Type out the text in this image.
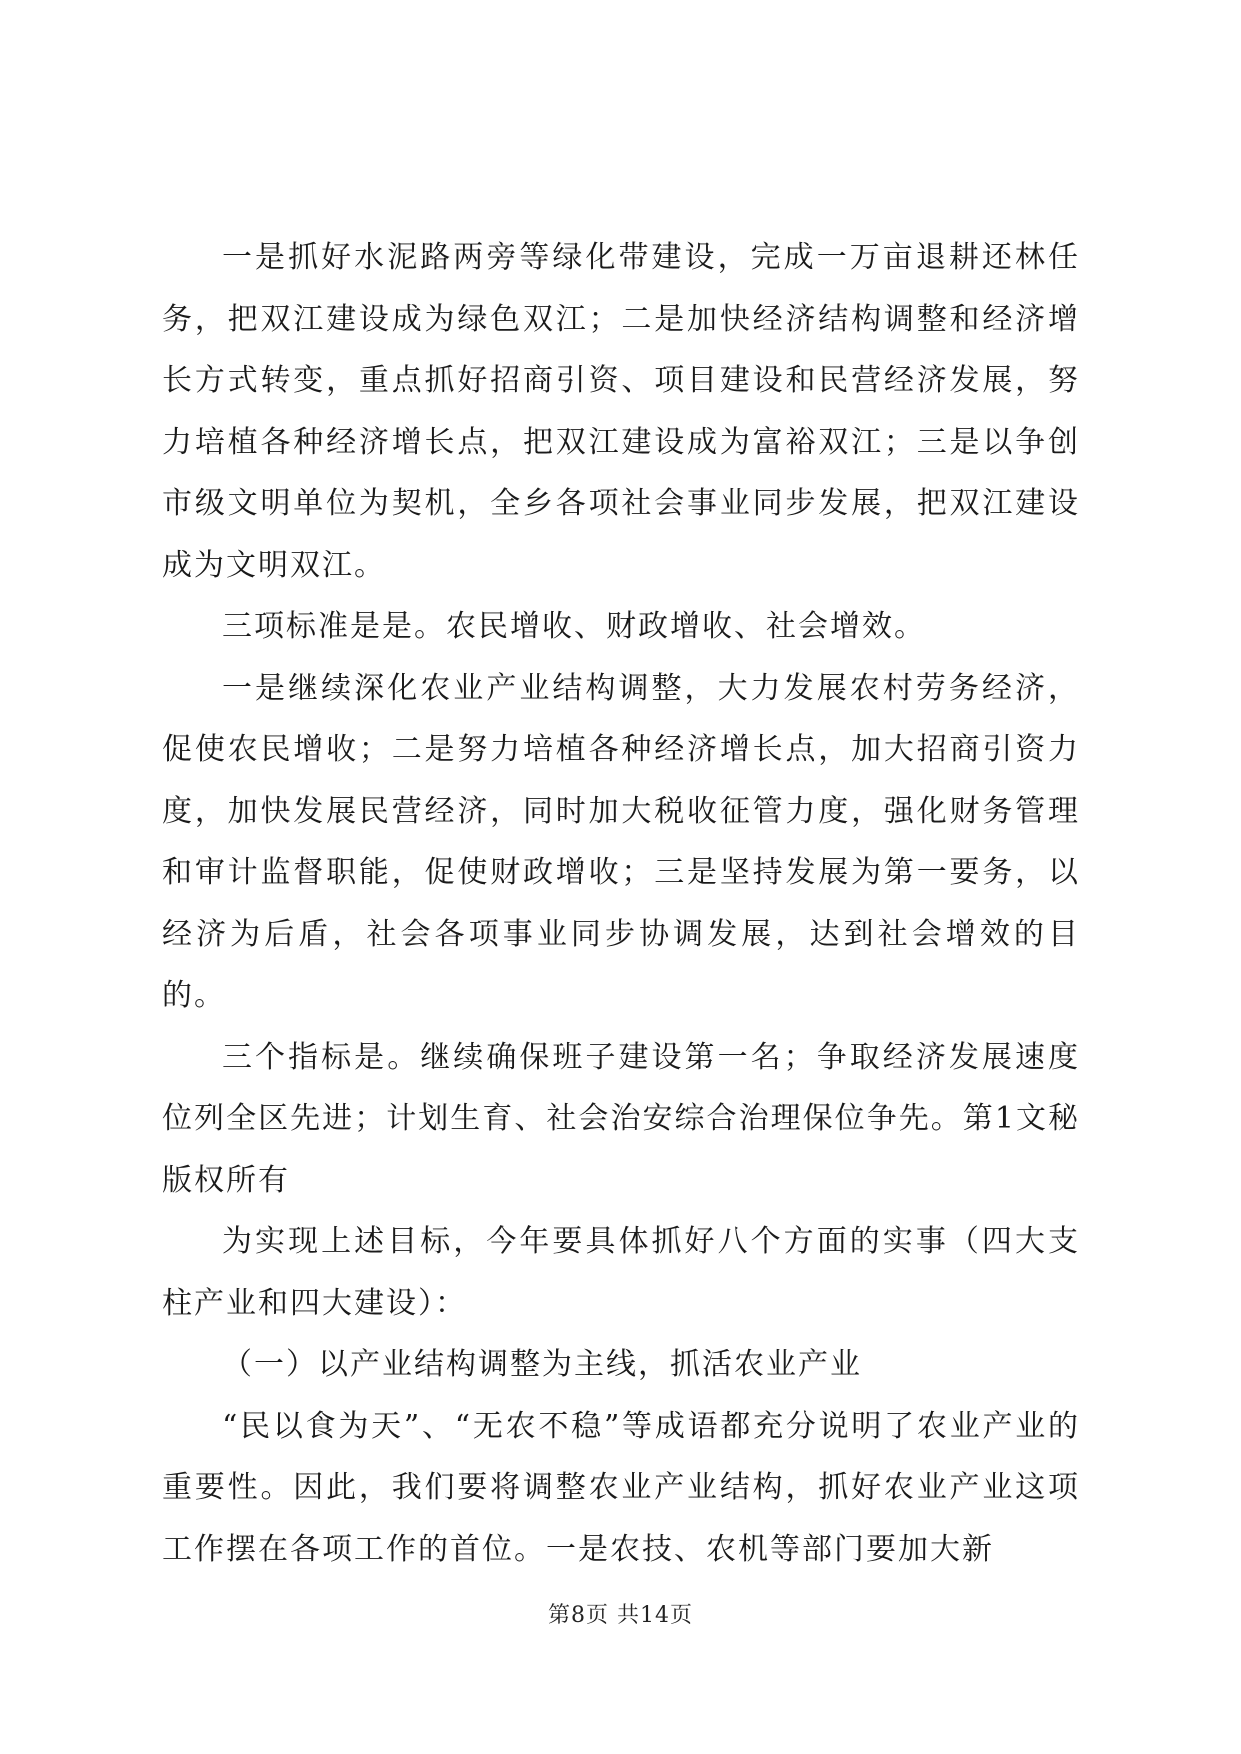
一是抓好水泥路两旁等绿化带建设，完成一万亩退耕还林任务，把双江建设成为绿色双江；二是加快经济结构调整和经济增长方式转变，重点抓好招商引资、项目建设和民营经济发展，努力培植各种经济增长点，把双江建设成为富裕双江；三是以争创市级文明单位为契机，全乡各项社会事业同步发展，把双江建设成为文明双江。

三项标准是是。农民增收、财政增收、社会增效。

一是继续深化农业产业结构调整，大力发展农村劳务经济，促使农民增收；二是努力培植各种经济增长点，加大招商引资力度，加快发展民营经济，同时加大税收征管力度，强化财务管理和审计监督职能，促使财政增收；三是坚持发展为第一要务，以经济为后盾，社会各项事业同步协调发展，达到社会增效的目的。

三个指标是。继续确保班子建设第一名；争取经济发展速度位列全区先进；计划生育、社会治安综合治理保位争先。第1文秘版权所有

为实现上述目标，今年要具体抓好八个方面的实事（四大支柱产业和四大建设）：

（一）以产业结构调整为主线，抓活农业产业

“民以食为天”、“无农不稳”等成语都充分说明了农业产业的重要性。因此，我们要将调整农业产业结构，抓好农业产业这项工作摆在各项工作的首位。一是农技、农机等部门要加大新

第8页 共14页
